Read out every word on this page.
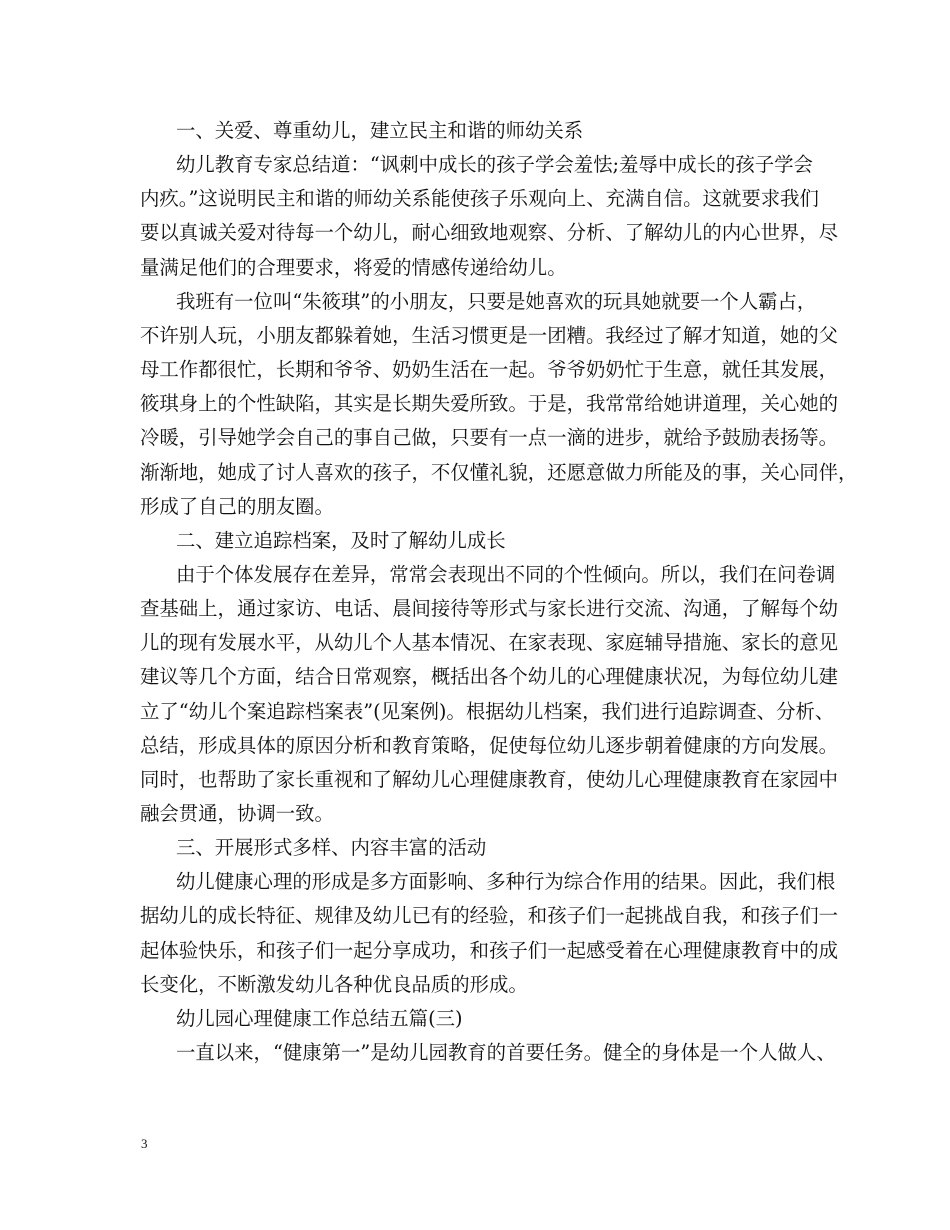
一、关爱、尊重幼儿，建立民主和谐的师幼关系
幼儿教育专家总结道：“讽刺中成长的孩子学会羞怯;羞辱中成长的孩子学会
内疚。”这说明民主和谐的师幼关系能使孩子乐观向上、充满自信。这就要求我们
要以真诚关爱对待每一个幼儿，耐心细致地观察、分析、了解幼儿的内心世界，尽
量满足他们的合理要求，将爱的情感传递给幼儿。
我班有一位叫“朱筱琪”的小朋友，只要是她喜欢的玩具她就要一个人霸占，
不许别人玩，小朋友都躲着她，生活习惯更是一团糟。我经过了解才知道，她的父
母工作都很忙，长期和爷爷、奶奶生活在一起。爷爷奶奶忙于生意，就任其发展，
筱琪身上的个性缺陷，其实是长期失爱所致。于是，我常常给她讲道理，关心她的
冷暖，引导她学会自己的事自己做，只要有一点一滴的进步，就给予鼓励表扬等。
渐渐地，她成了讨人喜欢的孩子，不仅懂礼貌，还愿意做力所能及的事，关心同伴，
形成了自己的朋友圈。
二、建立追踪档案，及时了解幼儿成长
由于个体发展存在差异，常常会表现出不同的个性倾向。所以，我们在问卷调
查基础上，通过家访、电话、晨间接待等形式与家长进行交流、沟通，了解每个幼
儿的现有发展水平，从幼儿个人基本情况、在家表现、家庭辅导措施、家长的意见
建议等几个方面，结合日常观察，概括出各个幼儿的心理健康状况，为每位幼儿建
立了“幼儿个案追踪档案表”(见案例)。根据幼儿档案，我们进行追踪调查、分析、
总结，形成具体的原因分析和教育策略，促使每位幼儿逐步朝着健康的方向发展。
同时，也帮助了家长重视和了解幼儿心理健康教育，使幼儿心理健康教育在家园中
融会贯通，协调一致。
三、开展形式多样、内容丰富的活动
幼儿健康心理的形成是多方面影响、多种行为综合作用的结果。因此，我们根
据幼儿的成长特征、规律及幼儿已有的经验，和孩子们一起挑战自我，和孩子们一
起体验快乐，和孩子们一起分享成功，和孩子们一起感受着在心理健康教育中的成
长变化，不断激发幼儿各种优良品质的形成。
幼儿园心理健康工作总结五篇(三)
一直以来，“健康第一”是幼儿园教育的首要任务。健全的身体是一个人做人、
3
